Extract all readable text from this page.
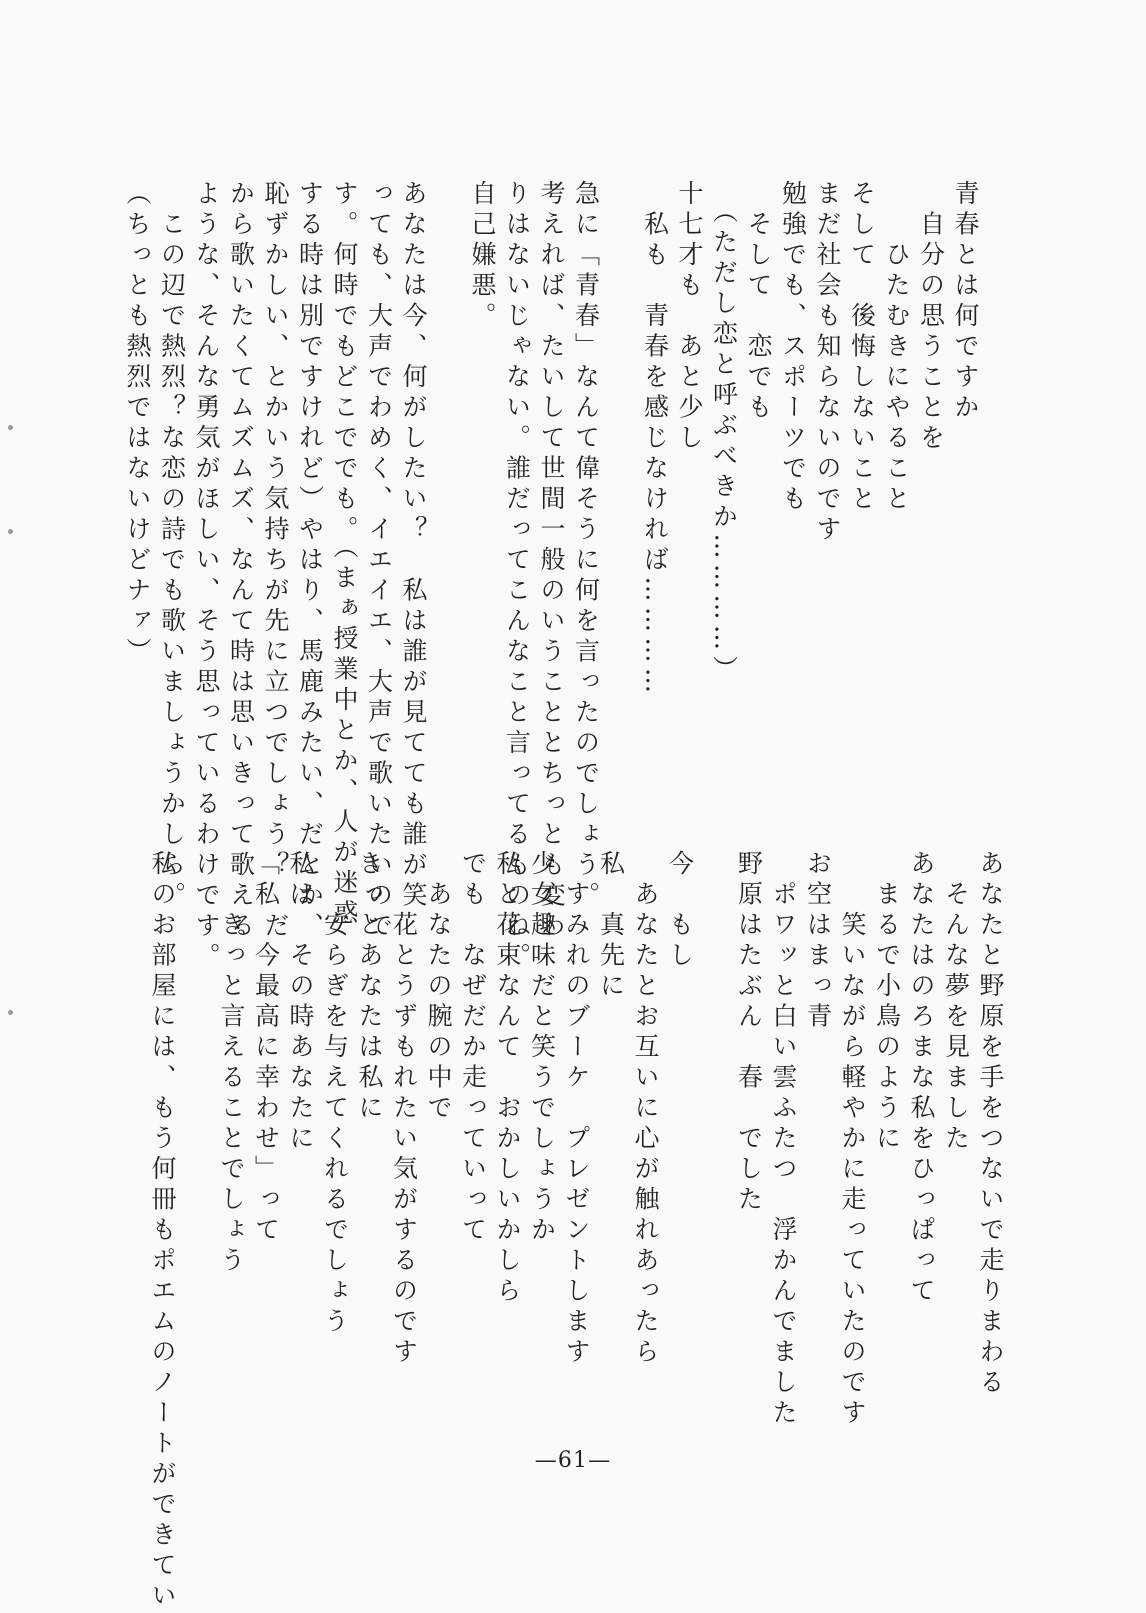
青春とは何ですか
　自分の思うことを
　　ひたむきにやること
そして　後悔しないこと
まだ社会も知らないのです
勉強でも、スポーツでも
　そして　恋でも
　（ただし恋と呼ぶべきか…………）
十七才も　あと少し
　私も　青春を感じなければ…………

急に「青春」なんて偉そうに何を言ったのでしょう。
考えれば、たいして世間一般のいうこととちっとも変わ
りはないじゃない。誰だってこんなこと言ってるものね。
自己嫌悪。

あなたは今、何がしたい？　私は誰が見てても誰が笑
っても、大声でわめく、イエイエ、大声で歌いたいので
す。何時でもどこででも。（まぁ授業中とか、人が迷惑
する時は別ですけれど）やはり、馬鹿みたい、だとか、
恥ずかしい、とかいう気持ちが先に立つでしょう？　だ
から歌いたくてムズムズ、なんて時は思いきって歌える
ような、そんな勇気がほしい、そう思っているわけです。
　この辺で熱烈？な恋の詩でも歌いましょうかしら。
（ちっとも熱烈ではないけどナァ）
あなたと野原を手をつないで走りまわる
　そんな夢を見ました
あなたはのろまな私をひっぱって
　まるで小鳥のように
　　笑いながら軽やかに走っていたのです
お空はまっ青
　ポワッと白い雲ふたつ　浮かんでました
野原はたぶん　春　でした

今　もし
　あなたとお互いに心が触れあったら
私　真先に
　すみれのブーケ　プレゼントします
少女趣味だと笑うでしょうか
私と花束なんて　おかしいかしら
でも　なぜだか走っていって
　あなたの腕の中で
　　花とうずもれたい気がするのです
きっとあなたは私に
　　安らぎを与えてくれるでしょう
私は　その時あなたに
「私　今最高に幸わせ」って
　　きっと言えることでしょう

私のお部屋には、もう何冊もポエムのノートができてい	—61—
